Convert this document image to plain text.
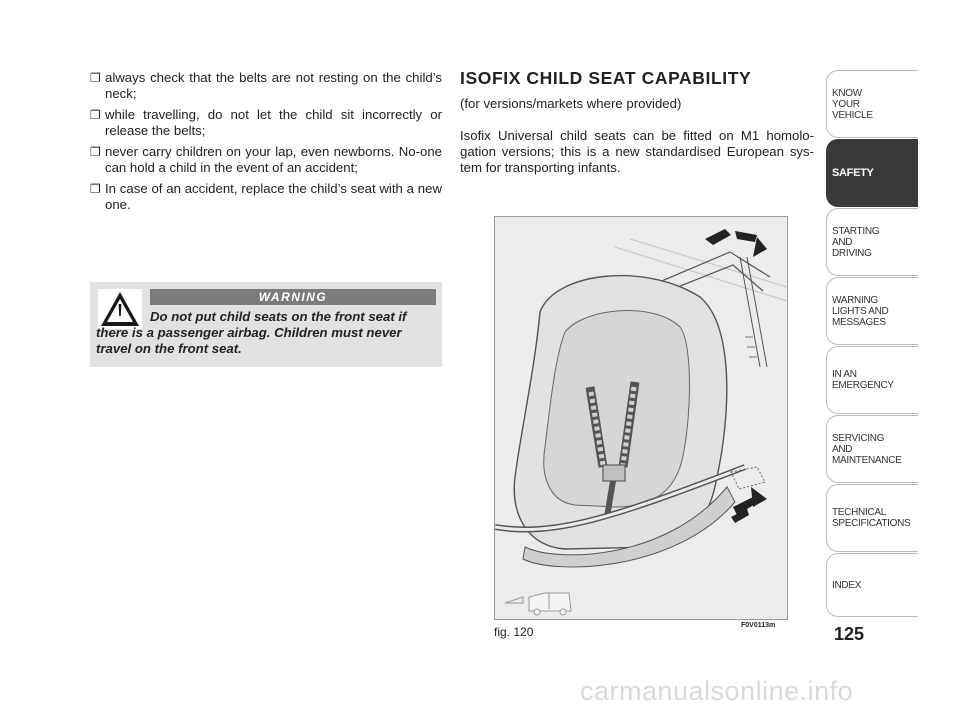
❐ always check that the belts are not resting on the child’s neck;
❐ while travelling, do not let the child sit incorrectly or release the belts;
❐ never carry children on your lap, even newborns. No-one can hold a child in the event of an accident;
❐ In case of an accident, replace the child’s seat with a new one.
WARNING
Do not put child seats on the front seat if there is a passenger airbag. Children must never travel on the front seat.
ISOFIX CHILD SEAT CAPABILITY
(for versions/markets where provided)
Isofix Universal child seats can be fitted on M1 homolo-gation versions; this is a new standardised European sys-tem for transporting infants.
fig. 120	F0V0113m
KNOW
YOUR
VEHICLE
SAFETY
STARTING
AND
DRIVING
WARNING
LIGHTS AND
MESSAGES
IN AN
EMERGENCY
SERVICING
AND
MAINTENANCE
TECHNICAL
SPECIFICATIONS
INDEX
125
carmanualsonline.info
